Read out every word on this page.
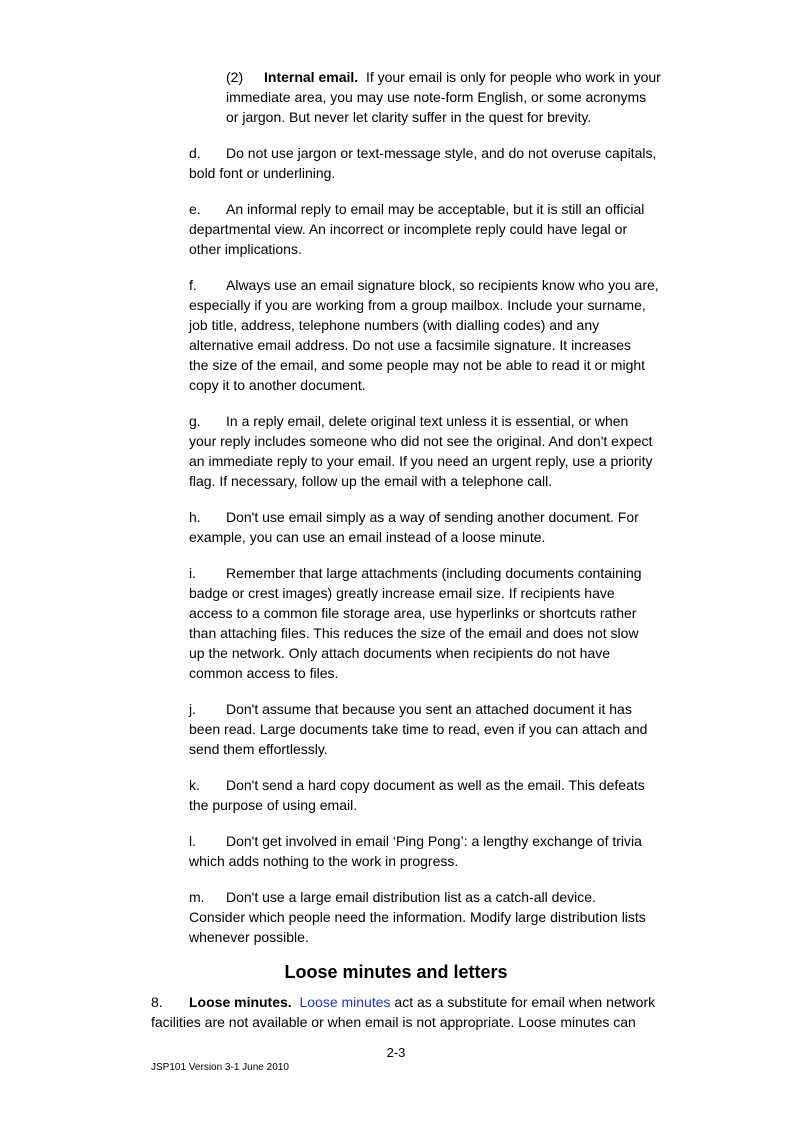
(2) Internal email. If your email is only for people who work in your
immediate area, you may use note-form English, or some acronyms
or jargon. But never let clarity suffer in the quest for brevity.
d. Do not use jargon or text-message style, and do not overuse capitals,
bold font or underlining.
e. An informal reply to email may be acceptable, but it is still an official
departmental view. An incorrect or incomplete reply could have legal or
other implications.
f. Always use an email signature block, so recipients know who you are,
especially if you are working from a group mailbox. Include your surname,
job title, address, telephone numbers (with dialling codes) and any
alternative email address. Do not use a facsimile signature. It increases
the size of the email, and some people may not be able to read it or might
copy it to another document.
g. In a reply email, delete original text unless it is essential, or when
your reply includes someone who did not see the original. And don't expect
an immediate reply to your email. If you need an urgent reply, use a priority
flag. If necessary, follow up the email with a telephone call.
h. Don't use email simply as a way of sending another document. For
example, you can use an email instead of a loose minute.
i. Remember that large attachments (including documents containing
badge or crest images) greatly increase email size. If recipients have
access to a common file storage area, use hyperlinks or shortcuts rather
than attaching files. This reduces the size of the email and does not slow
up the network. Only attach documents when recipients do not have
common access to files.
j. Don't assume that because you sent an attached document it has
been read. Large documents take time to read, even if you can attach and
send them effortlessly.
k. Don't send a hard copy document as well as the email. This defeats
the purpose of using email.
l. Don't get involved in email ‘Ping Pong’: a lengthy exchange of trivia
which adds nothing to the work in progress.
m. Don't use a large email distribution list as a catch-all device.
Consider which people need the information. Modify large distribution lists
whenever possible.
Loose minutes and letters
8. Loose minutes. Loose minutes act as a substitute for email when network
facilities are not available or when email is not appropriate. Loose minutes can
2-3
JSP101 Version 3-1 June 2010
